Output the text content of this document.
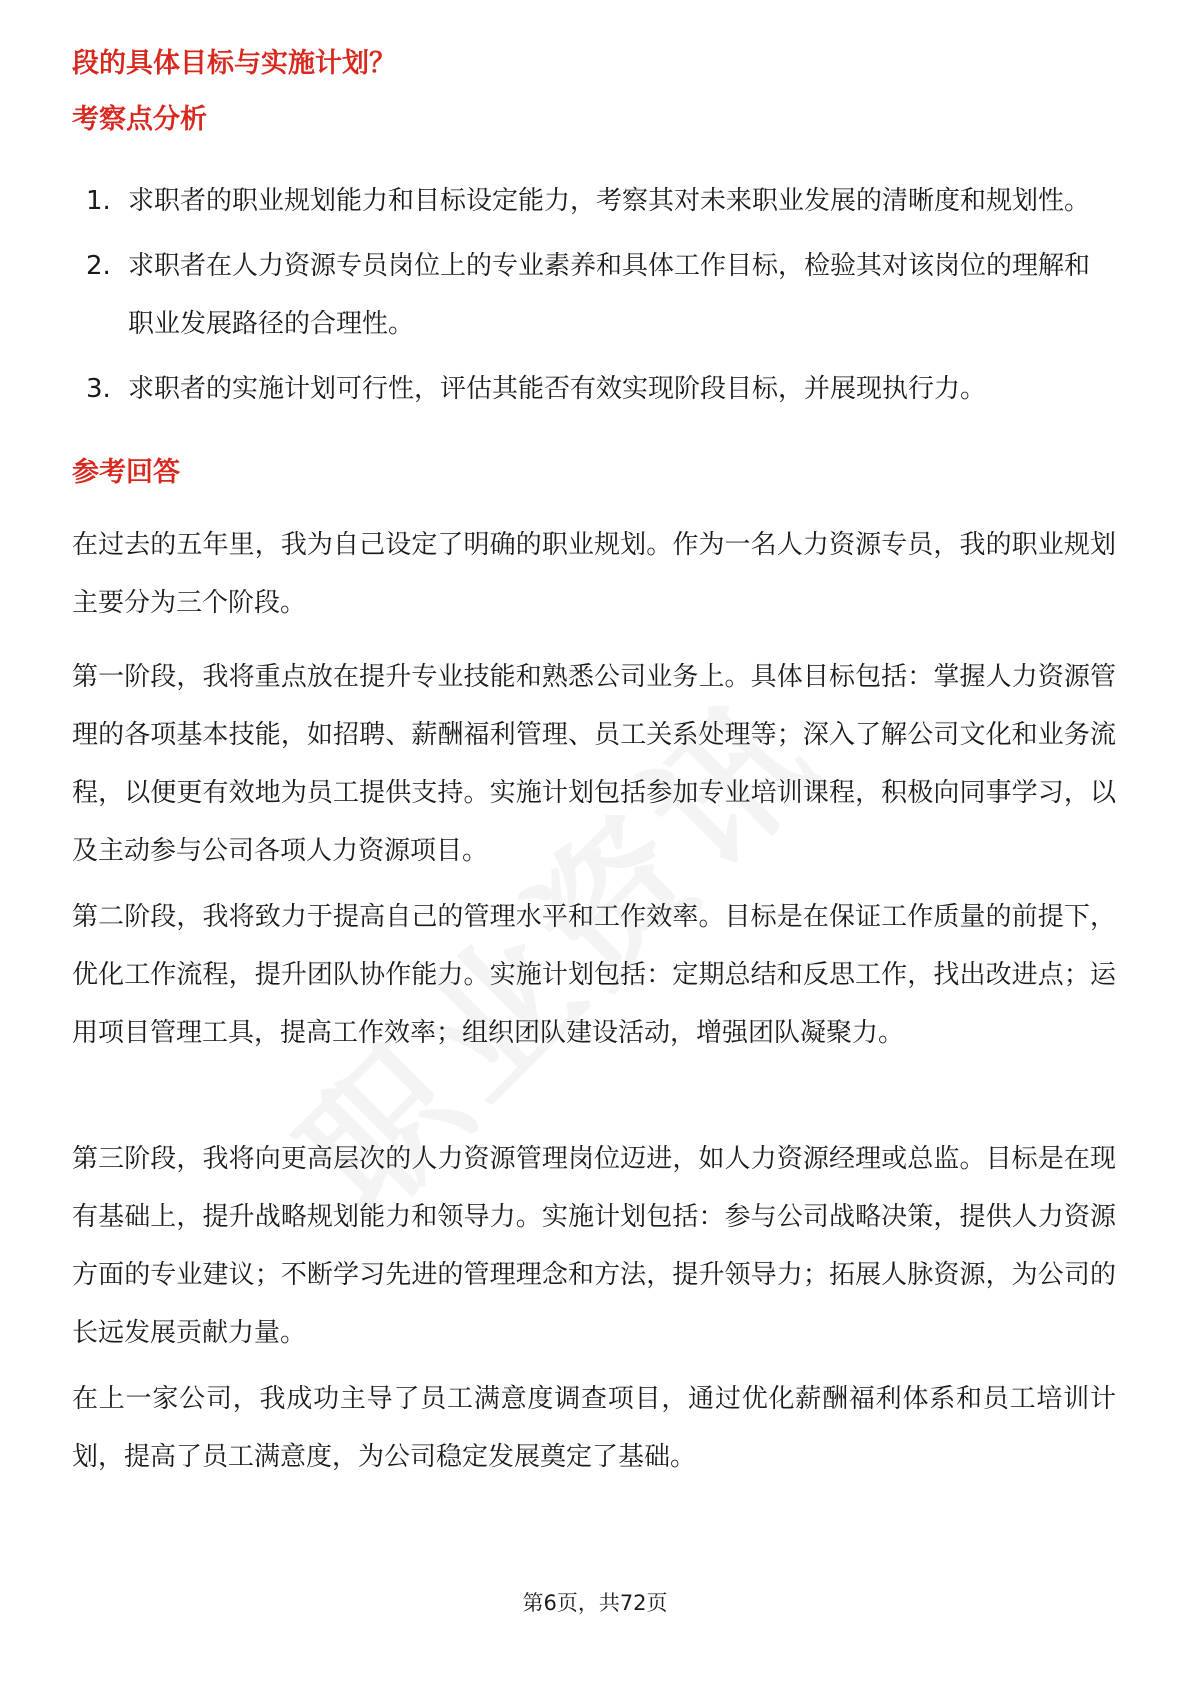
段的具体目标与实施计划？
考察点分析
1. 求职者的职业规划能力和目标设定能力，考察其对未来职业发展的清晰度和规划性。
2. 求职者在人力资源专员岗位上的专业素养和具体工作目标，检验其对该岗位的理解和职业发展路径的合理性。
3. 求职者的实施计划可行性，评估其能否有效实现阶段目标，并展现执行力。
参考回答

在过去的五年里，我为自己设定了明确的职业规划。作为一名人力资源专员，我的职业规划主要分为三个阶段。

第一阶段，我将重点放在提升专业技能和熟悉公司业务上。具体目标包括：掌握人力资源管理的各项基本技能，如招聘、薪酬福利管理、员工关系处理等；深入了解公司文化和业务流程，以便更有效地为员工提供支持。实施计划包括参加专业培训课程，积极向同事学习，以及主动参与公司各项人力资源项目。

第二阶段，我将致力于提高自己的管理水平和工作效率。目标是在保证工作质量的前提下，优化工作流程，提升团队协作能力。实施计划包括：定期总结和反思工作，找出改进点；运用项目管理工具，提高工作效率；组织团队建设活动，增强团队凝聚力。

第三阶段，我将向更高层次的人力资源管理岗位迈进，如人力资源经理或总监。目标是在现有基础上，提升战略规划能力和领导力。实施计划包括：参与公司战略决策，提供人力资源方面的专业建议；不断学习先进的管理理念和方法，提升领导力；拓展人脉资源，为公司的长远发展贡献力量。

在上一家公司，我成功主导了员工满意度调查项目，通过优化薪酬福利体系和员工培训计划，提高了员工满意度，为公司稳定发展奠定了基础。

第6页，共72页
